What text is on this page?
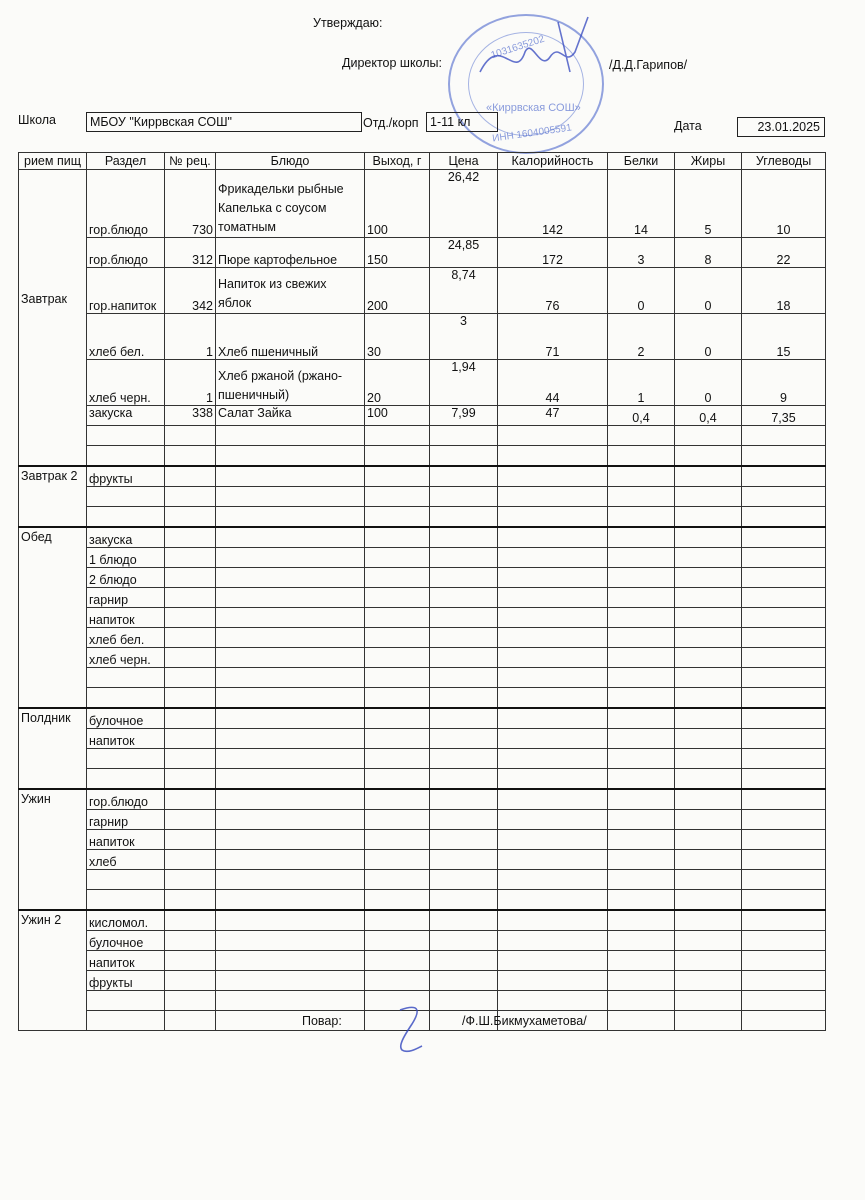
Утверждаю:
Директор школы:	/Д.Д.Гарипов/
«Киррвская СОШ»
ИНН 1604005591
1031635202
Школа	МБОУ "Киррвская СОШ"	Отд./корп 1-11 кл	Дата	23.01.2025
рием пищ	Раздел	№ рец.	Блюдо	Выход, г	Цена	Калорийность	Белки	Жиры	Углеводы
Завтрак	гор.блюдо	730	Фрикадельки рыбные
Капелька с соусом
томатным	100	26,42	142	14	5	10
	гор.блюдо	312	Пюре картофельное	150	24,85	172	3	8	22
	гор.напиток	342	Напиток из свежих
яблок	200	8,74	76	0	0	18
	хлеб бел.	1	Хлеб пшеничный	30	3	71	2	0	15
	хлеб черн.	1	Хлеб ржаной (ржано-
пшеничный)	20	1,94	44	1	0	9
	закуска	338	Салат Зайка	100	7,99	47	0,4	0,4	7,35

Завтрак 2	фрукты								

Обед	закуска								
	1 блюдо								
	2 блюдо								
	гарнир								
	напиток								
	хлеб бел.								
	хлеб черн.								

Полдник	булочное								
	напиток								

Ужин	гор.блюдо								
	гарнир								
	напиток								
	хлеб								

Ужин 2	кисломол.								
	булочное								
	напиток								
	фрукты								

Повар:	/Ф.Ш.Бикмухаметова/
